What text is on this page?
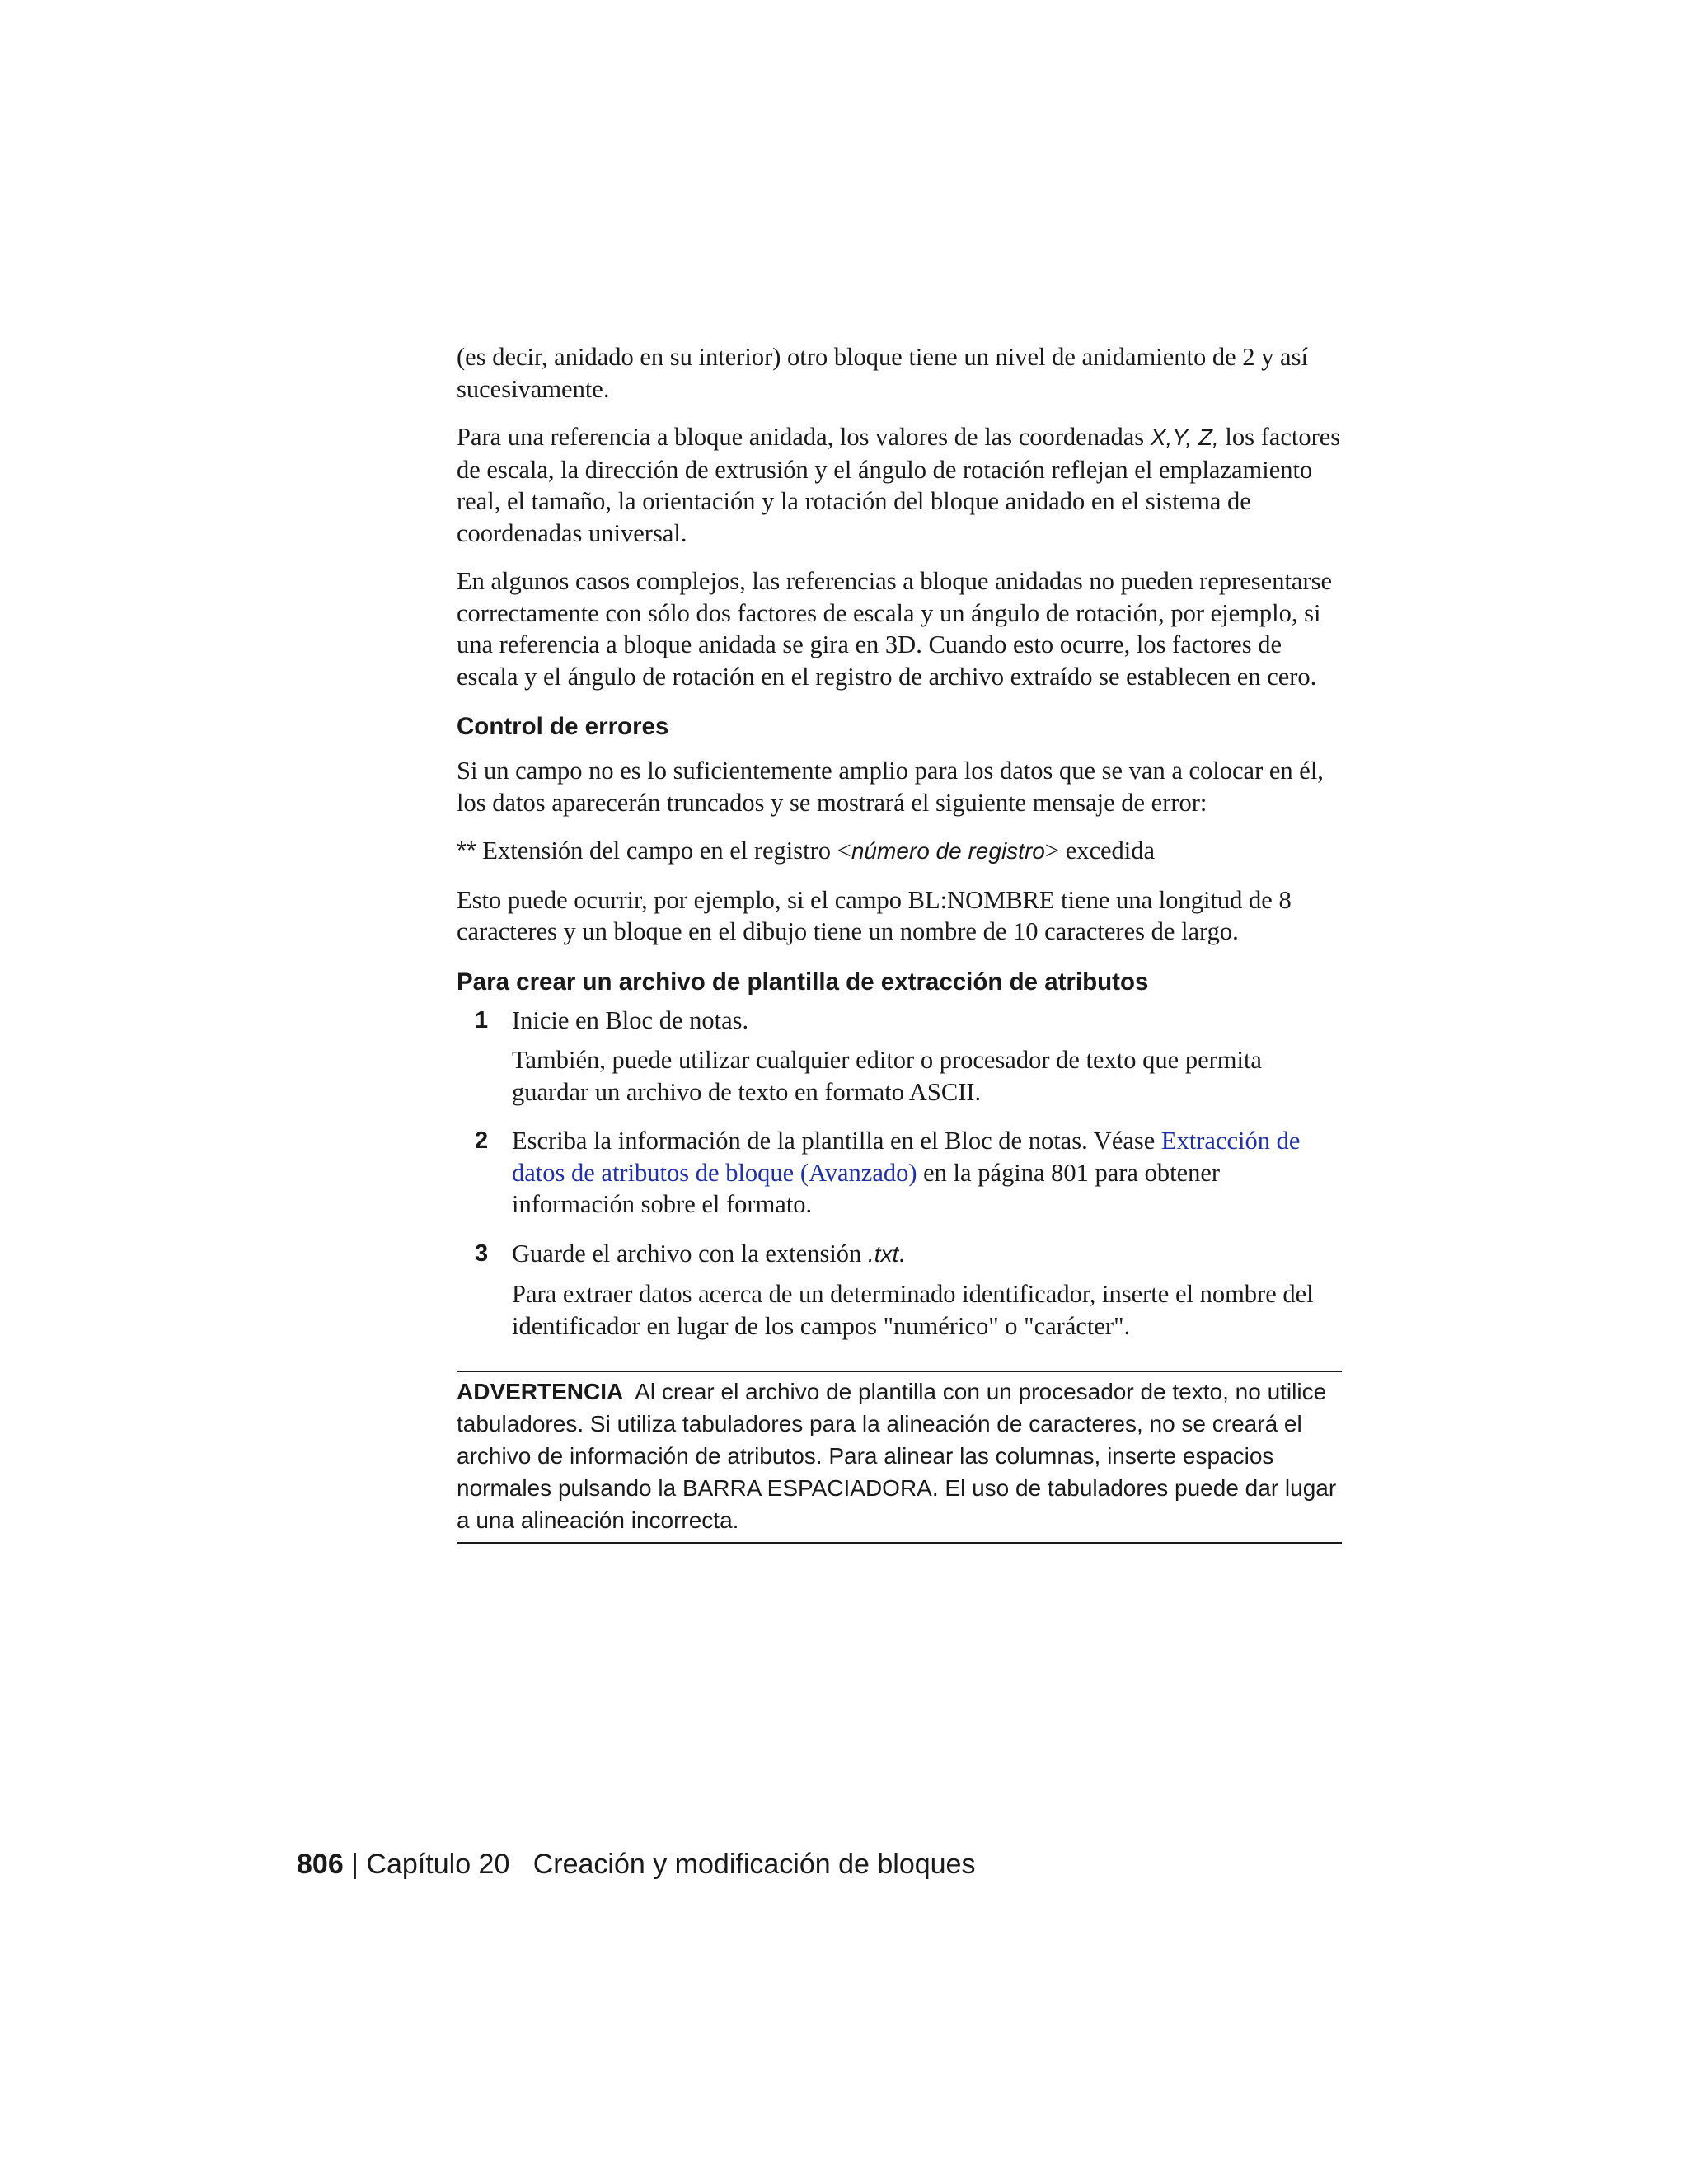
(es decir, anidado en su interior) otro bloque tiene un nivel de anidamiento de 2 y así sucesivamente.

Para una referencia a bloque anidada, los valores de las coordenadas X,Y, Z, los factores de escala, la dirección de extrusión y el ángulo de rotación reflejan el emplazamiento real, el tamaño, la orientación y la rotación del bloque anidado en el sistema de coordenadas universal.

En algunos casos complejos, las referencias a bloque anidadas no pueden representarse correctamente con sólo dos factores de escala y un ángulo de rotación, por ejemplo, si una referencia a bloque anidada se gira en 3D. Cuando esto ocurre, los factores de escala y el ángulo de rotación en el registro de archivo extraído se establecen en cero.

Control de errores

Si un campo no es lo suficientemente amplio para los datos que se van a colocar en él, los datos aparecerán truncados y se mostrará el siguiente mensaje de error:

** Extensión del campo en el registro <número de registro> excedida

Esto puede ocurrir, por ejemplo, si el campo BL:NOMBRE tiene una longitud de 8 caracteres y un bloque en el dibujo tiene un nombre de 10 caracteres de largo.

Para crear un archivo de plantilla de extracción de atributos
1 Inicie en Bloc de notas.

También, puede utilizar cualquier editor o procesador de texto que permita guardar un archivo de texto en formato ASCII.

2 Escriba la información de la plantilla en el Bloc de notas. Véase Extracción de datos de atributos de bloque (Avanzado) en la página 801 para obtener información sobre el formato.

3 Guarde el archivo con la extensión .txt.

Para extraer datos acerca de un determinado identificador, inserte el nombre del identificador en lugar de los campos "numérico" o "carácter".

ADVERTENCIA  Al crear el archivo de plantilla con un procesador de texto, no utilice tabuladores. Si utiliza tabuladores para la alineación de caracteres, no se creará el archivo de información de atributos. Para alinear las columnas, inserte espacios normales pulsando la BARRA ESPACIADORA. El uso de tabuladores puede dar lugar a una alineación incorrecta.
806 | Capítulo 20   Creación y modificación de bloques
